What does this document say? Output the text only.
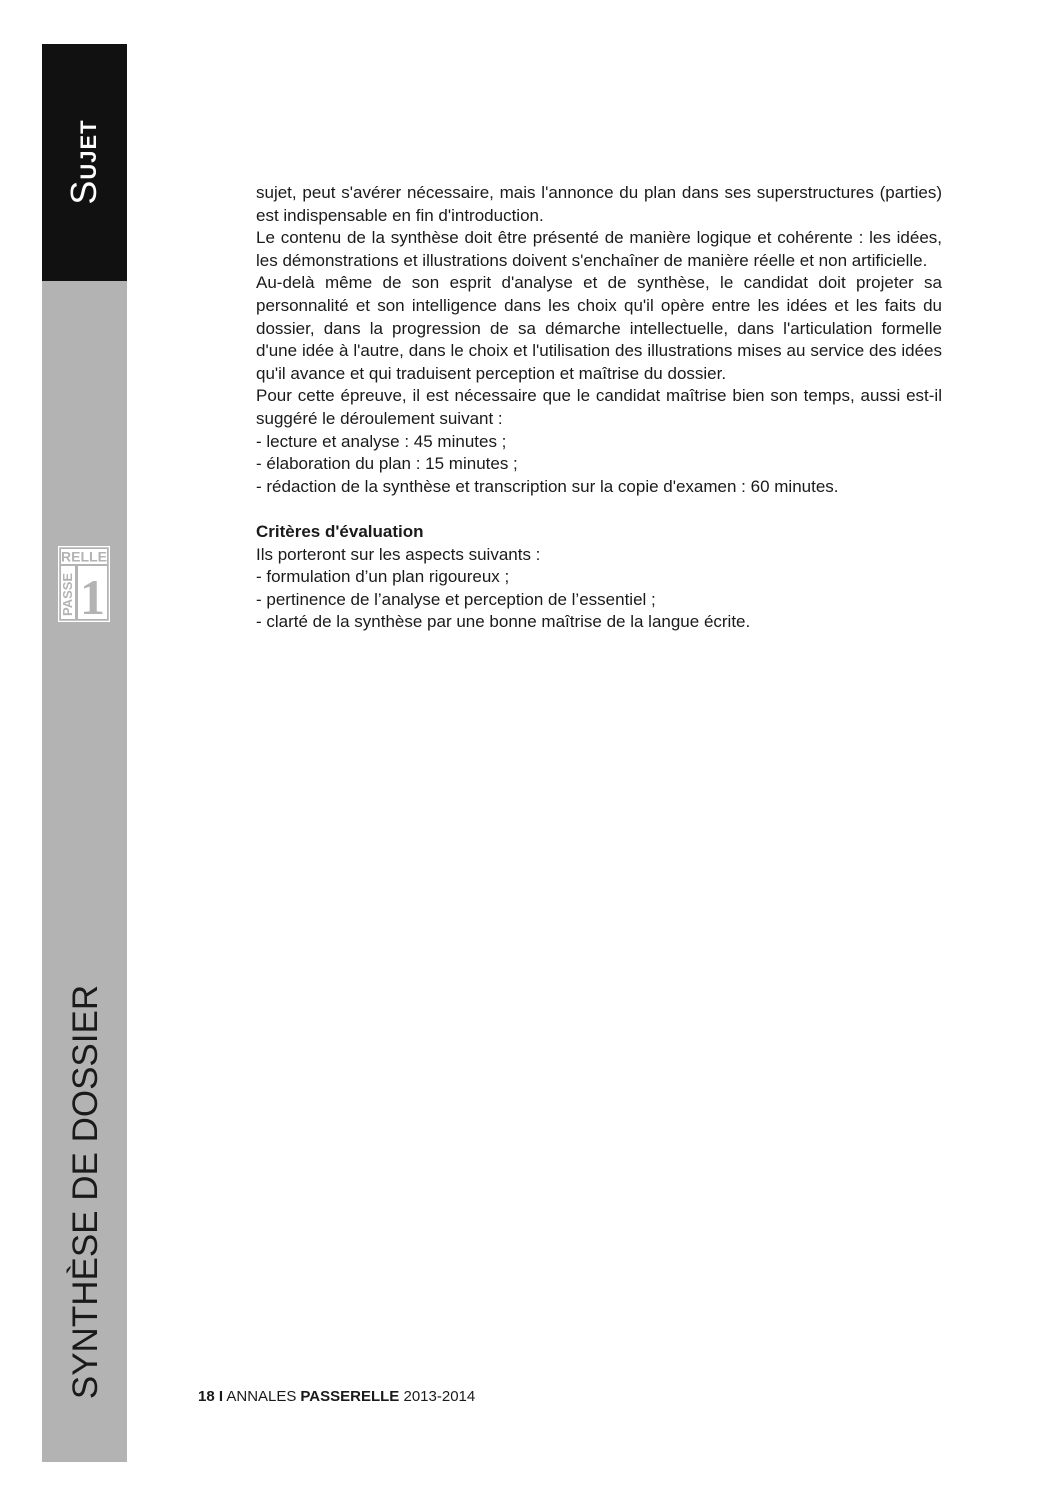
SUJET
SYNTHÈSE DE DOSSIER
RELLE
PASSE 1

sujet, peut s'avérer nécessaire, mais l'annonce du plan dans ses superstructures (parties) est indispensable en fin d'introduction.

Le contenu de la synthèse doit être présenté de manière logique et cohérente : les idées, les démonstrations et illustrations doivent s'enchaîner de manière réelle et non artificielle.

Au-delà même de son esprit d'analyse et de synthèse, le candidat doit projeter sa personnalité et son intelligence dans les choix qu'il opère entre les idées et les faits du dossier, dans la progression de sa démarche intellectuelle, dans l'articulation formelle d'une idée à l'autre, dans le choix et l'utilisation des illustrations mises au service des idées qu'il avance et qui traduisent perception et maîtrise du dossier.

Pour cette épreuve, il est nécessaire que le candidat maîtrise bien son temps, aussi est-il suggéré le déroulement suivant :

- lecture et analyse : 45 minutes ;

- élaboration du plan : 15 minutes ;

- rédaction de la synthèse et transcription sur la copie d'examen : 60 minutes.

Critères d'évaluation

Ils porteront sur les aspects suivants :

- formulation d’un plan rigoureux ;

- pertinence de l’analyse et perception de l’essentiel ;

- clarté de la synthèse par une bonne maîtrise de la langue écrite.

18 I ANNALES PASSERELLE 2013-2014
